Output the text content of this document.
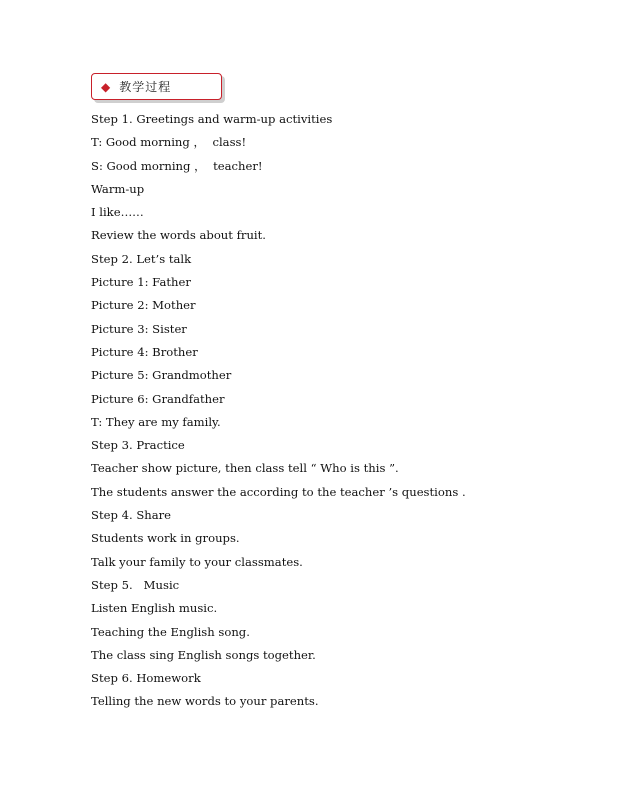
◆ 教学过程
Step 1. Greetings and warm-up activities
T: Good morning ，  class!
S: Good morning ，  teacher!
Warm-up
I like……
Review the words about fruit.
Step 2. Let’s talk
Picture 1: Father
Picture 2: Mother
Picture 3: Sister
Picture 4: Brother
Picture 5: Grandmother
Picture 6: Grandfather
T: They are my family.
Step 3. Practice
Teacher show picture, then class tell “ Who is this ”.
The students answer the according to the teacher ’s questions .
Step 4. Share
Students work in groups.
Talk your family to your classmates.
Step 5.   Music
Listen English music.
Teaching the English song.
The class sing English songs together.
Step 6. Homework
Telling the new words to your parents.
